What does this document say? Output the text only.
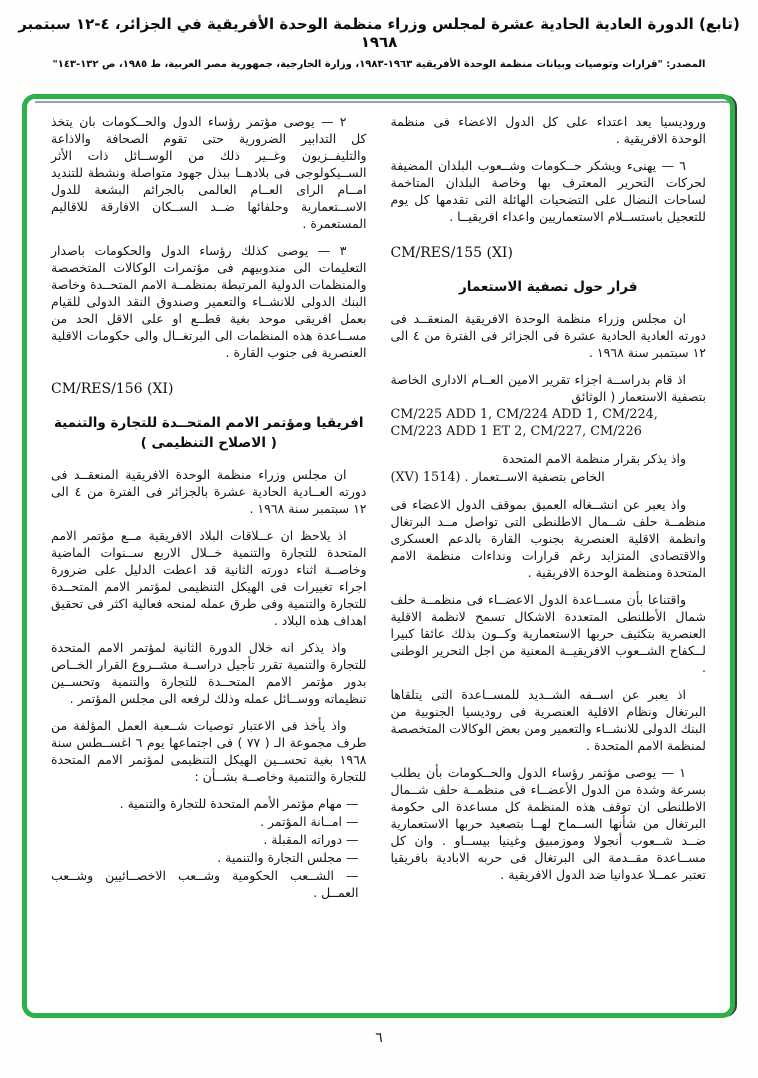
(تابع) الدورة العادية الحادية عشرة لمجلس وزراء منظمة الوحدة الأفريقية في الجزائر، ٤-١٢ سبتمبر ١٩٦٨
المصدر: "قرارات وتوصيات وبيانات منظمة الوحدة الأفريقية ١٩٦٣-١٩٨٣، وزارة الخارجية، جمهورية مصر العربية، ط ١٩٨٥، ص ١٣٢-١٤٣"

وروديسيا يعد اعتداء على كل الدول الاعضاء فى منظمة الوحدة الافريقية .

٦ — يهنىء ويشكر حــكومات وشــعوب البلدان المضيفة لحركات التحرير المعترف بها وخاصة البلدان المتاخمة لساحات النضال على التضحيات الهائلة التى تقدمها كل يوم للتعجيل باستســلام الاستعماريين واعداء افريقيــا .

CM/RES/155 (XI)
قرار حول تصفية الاستعمار

ان مجلس وزراء منظمة الوحدة الافريقية المنعقــد فى دورته العادية الحادية عشرة فى الجزائر فى الفترة من ٤ الى ١٢ سبتمبر سنة ١٩٦٨ .

اذ قام بدراســة اجزاء تقرير الامين العــام الادارى الخاصة بتصفية الاستعمار ( الوثائق

CM/225 ADD 1, CM/224 ADD 1, CM/224,
CM/223 ADD 1 ET 2, CM/227, CM/226

واذ يذكر بقرار منظمة الامم المتحدة

(XV) 1514) الخاص بتصفية الاســتعمار .

واذ يعبر عن انشــغاله العميق بموقف الدول الاعضاء فى منظمــة حلف شــمال الاطلنطى التى تواصل مــد البرتغال وانظمة الاقلية العنصرية بجنوب القارة بالدعم العسكرى والاقتصادى المتزايد رغم قرارات ونداءات منظمة الامم المتحدة ومنظمة الوحدة الافريقية .

واقتناعا بأن مســاعدة الدول الاعضــاء فى منظمــة حلف شمال الأطلنطى المتعددة الاشكال تسمح لانظمة الاقلية العنصرية بتكثيف حربها الاستعمارية وكــون بذلك عائقا كبيرا لــكفاح الشــعوب الافريقيــة المعنية من اجل التحرير الوطنى .

اذ يعبر عن اســفه الشــديد للمســاعدة التى يتلقاها البرتغال ونظام الاقلية العنصرية فى روديسيا الجنوبية من البنك الدولى للانشــاء والتعمير ومن بعض الوكالات المتخصصة لمنظمة الامم المتحدة .

١ — يوصى مؤتمر رؤساء الدول والحــكومات بأن يطلب بسرعة وشدة من الدول الأعضــاء فى منظمــة حلف شــمال الاطلنطى ان توقف هذه المنظمة كل مساعدة الى حكومة البرتغال من شأنها الســماح لهــا بتصعيد حربها الاستعمارية ضــد شــعوب أنجولا وموزمبيق وغينيا بيســاو . وان كل مســاعدة مقــدمة الى البرتغال فى حربه الابادية بافريقيا تعتبر عمــلا عدوانيا ضد الدول الافريقية .

٢ — يوصى مؤتمر رؤساء الدول والحــكومات بان يتخذ كل التدابير الضرورية حتى تقوم الصحافة والاذاعة والتليفــزيون وغــير ذلك من الوســائل ذات الأثر الســيكولوجى فى بلادهــا ببذل جهود متواصلة ونشطة للتنديد امــام الراى العــام العالمى بالجرائم البشعة للدول الاســتعمارية وحلفائها ضــد الســكان الافارقة للاقاليم المستعمرة .

٣ — يوصى كذلك رؤساء الدول والحكومات باصدار التعليمات الى مندوبيهم فى مؤتمرات الوكالات المتخصصة والمنظمات الدولية المرتبطة بمنظمــة الامم المتحــدة وخاصة البنك الدولى للانشــاء والتعمير وصندوق النقد الدولى للقيام بعمل افريقى موحد بغية قطــع او على الاقل الحد من مســاعدة هذه المنظمات الى البرتغــال والى حكومات الاقلية العنصرية فى جنوب القارة .

CM/RES/156 (XI)
افريقيا ومؤتمر الامم المتحــدة للتجارة والتنمية
( الاصلاح التنظيمى )

ان مجلس وزراء منظمة الوحدة الافريقية المنعقــد فى دورته العــادية الحادية عشرة بالجزائر فى الفترة من ٤ الى ١٢ سبتمبر سنة ١٩٦٨ .

اذ يلاحظ ان عــلاقات البلاد الافريقية مــع مؤتمر الامم المتحدة للتجارة والتنمية خــلال الاربع ســنوات الماضية وخاصــة اثناء دورته الثانية قد اعطت الدليل على ضرورة اجراء تغييرات فى الهيكل التنظيمى لمؤتمر الامم المتحــدة للتجارة والتنمية وفى طرق عمله لمنحه فعالية اكثر فى تحقيق اهداف هذه البلاد .

واذ يذكر انه خلال الدورة الثانية لمؤتمر الامم المتحدة للتجارة والتنمية تقرر تأجيل دراســة مشــروع القرار الخــاص بدور مؤتمر الامم المتحــدة للتجارة والتنمية وتحســين تنظيماته ووســائل عمله وذلك لرفعه الى مجلس المؤتمر .

واذ يأخذ فى الاعتبار توصيات شــعبة العمل المؤلفة من طرف مجموعة الـ ( ٧٧ ) فى اجتماعها يوم ٦ اغســطس سنة ١٩٦٨ بغية تحســين الهيكل التنظيمى لمؤتمر الامم المتحدة للتجارة والتنمية وخاصــة بشــأن :

— مهام مؤتمر الأمم المتحدة للتجارة والتنمية .

— امــانة المؤتمر .

— دوراته المقبلة .

— مجلس التجارة والتنمية .

— الشــعب الحكومية وشــعب الاخصــائيين وشــعب العمــل .

٦
